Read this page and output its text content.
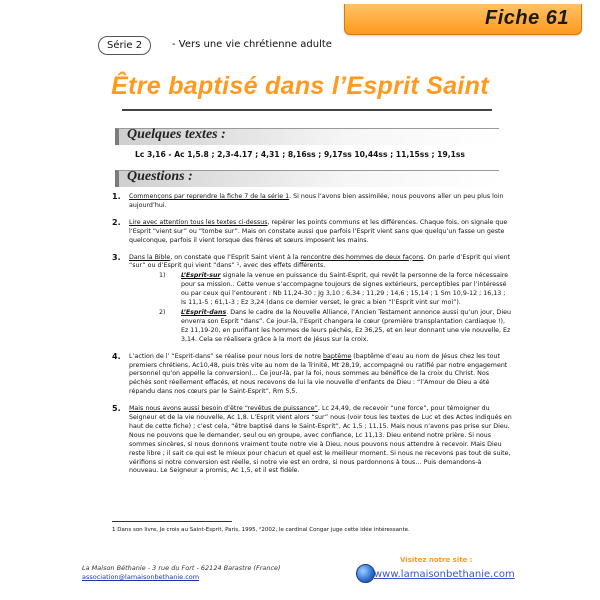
Fiche 61
Série 2	- Vers une vie chrétienne adulte
Être baptisé dans l’Esprit Saint
Quelques textes :
Lc 3,16 - Ac 1,5.8 ; 2,3-4.17 ; 4,31 ; 8,16ss ; 9,17ss 10,44ss ; 11,15ss ; 19,1ss
Questions :
1. Commençons par reprendre la fiche 7 de la série 1. Si nous l’avons bien assimilée, nous pouvons aller un peu plus loin aujourd’hui.
2. Lire avec attention tous les textes ci-dessus, repérer les points communs et les différences. Chaque fois, on signale que l’Esprit “vient sur” ou “tombe sur”. Mais on constate aussi que parfois l’Esprit vient sans que quelqu’un fasse un geste quelconque, parfois il vient lorsque des frères et sœurs imposent les mains.
3. Dans la Bible, on constate que l’Esprit Saint vient à la rencontre des hommes de deux façons. On parle d’Esprit qui vient “sur” ou d’Esprit qui vient “dans” ¹, avec des effets différents.
1) L’Esprit-sur signale la venue en puissance du Saint-Esprit, qui revêt la personne de la force nécessaire pour sa mission.. Cette venue s’accompagne toujours de signes extérieurs, perceptibles par l’intéressé ou par ceux qui l’entourent : Nb 11,24-30 ; Jg 3,10 ; 6,34 ; 11,29 ; 14,6 ; 15,14 ; 1 Sm 10,9-12 ; 16,13 ; Is 11,1-5 ; 61,1-3 ; Ez 3,24 (dans ce dernier verset, le grec a bien “l’Esprit vint sur moi”).
2) L’Esprit-dans. Dans le cadre de la Nouvelle Alliance, l’Ancien Testament annonce aussi qu’un jour, Dieu enverra son Esprit “dans”. Ce jour-là, l’Esprit changera le cœur (première transplantation cardiaque !), Ez 11,19-20, en purifiant les hommes de leurs péchés, Ez 36,25, et en leur donnant une vie nouvelle, Ez 3,14. Cela se réalisera grâce à la mort de Jésus sur la croix.
4. L’action de l’ “Esprit-dans” se réalise pour nous lors de notre baptême (baptême d’eau au nom de Jésus chez les tout premiers chrétiens, Ac10,48, puis très vite au nom de la Trinité, Mt 28,19, accompagné ou ratifié par notre engagement personnel qu’on appelle la conversion)... Ce jour-là, par la foi, nous sommes au bénéfice de la croix du Christ. Nos péchés sont réellement effacés, et nous recevons de lui la vie nouvelle d’enfants de Dieu : “l’Amour de Dieu a été répandu dans nos cœurs par le Saint-Esprit”, Rm 5,5.
5. Mais nous avons aussi besoin d’être “revêtus de puissance”, Lc 24,49, de recevoir “une force”, pour témoigner du Seigneur et de la vie nouvelle, Ac 1,8. L’Esprit vient alors “sur” nous (voir tous les textes de Luc et des Actes indiqués en haut de cette fiche) ; c’est cela, “être baptisé dans le Saint-Esprit”, Ac 1,5 ; 11,15. Mais nous n’avons pas prise sur Dieu. Nous ne pouvons que le demander, seul ou en groupe, avec confiance, Lc 11,13. Dieu entend notre prière. Si nous sommes sincères, si nous donnons vraiment toute notre vie à Dieu, nous pouvons nous attendre à recevoir. Mais Dieu reste libre ; il sait ce qui est le mieux pour chacun et quel est le meilleur moment. Si nous ne recevons pas tout de suite, vérifions si notre conversion est réelle, si notre vie est en ordre, si nous pardonnons à tous… Puis demandons-à nouveau. Le Seigneur a promis, Ac 1,5, et il est fidèle.
1 Dans son livre, Je crois au Saint-Esprit, Paris, 1995, ²2002, le cardinal Congar juge cette idée intéressante.
La Maison Béthanie - 3 rue du Fort - 62124 Barastre (France)
association@lamaisonbethanie.com
Visitez notre site :
www.lamaisonbethanie.com
